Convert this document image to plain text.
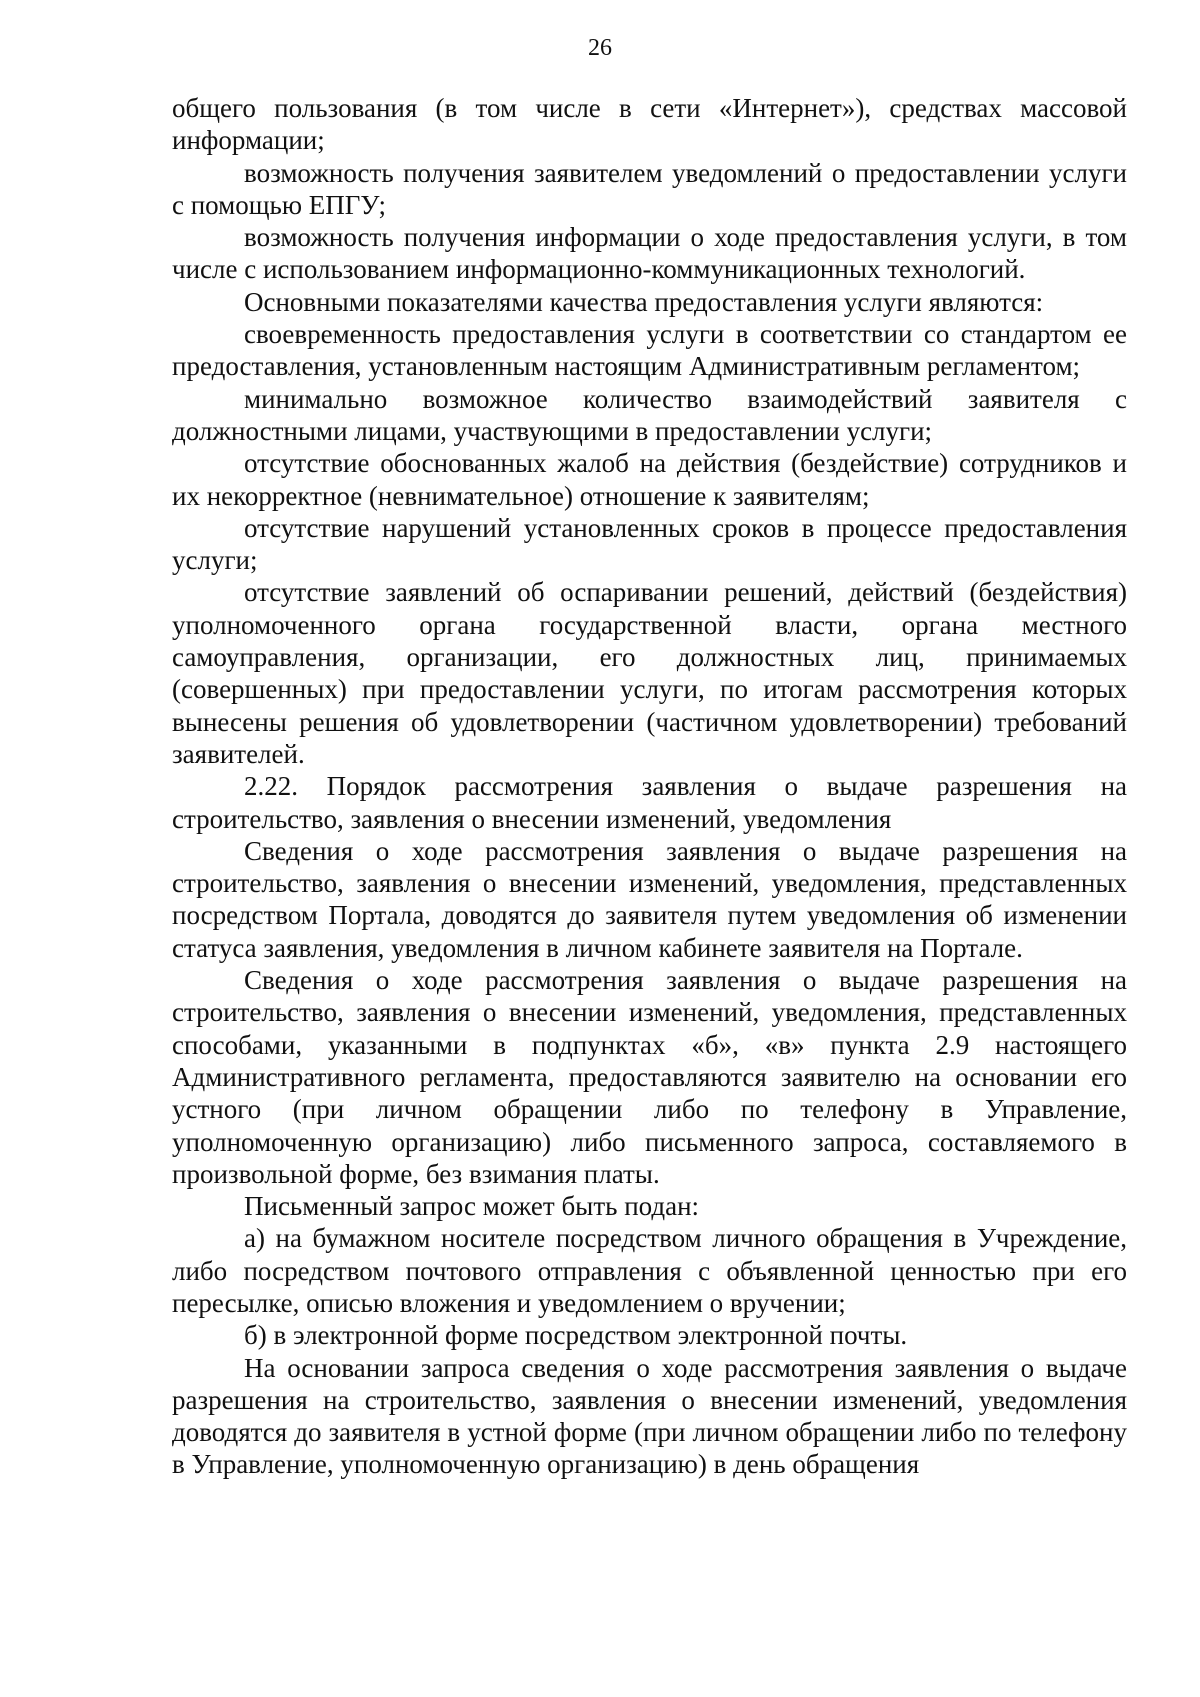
26

общего пользования (в том числе в сети «Интернет»), средствах массовой информации;

возможность получения заявителем уведомлений о предоставлении услуги с помощью ЕПГУ;

возможность получения информации о ходе предоставления услуги, в том числе с использованием информационно-коммуникационных технологий.

Основными показателями качества предоставления услуги являются:

своевременность предоставления услуги в соответствии со стандартом ее предоставления, установленным настоящим Административным регламентом;

минимально возможное количество взаимодействий заявителя с должностными лицами, участвующими в предоставлении услуги;

отсутствие обоснованных жалоб на действия (бездействие) сотрудников и их некорректное (невнимательное) отношение к заявителям;

отсутствие нарушений установленных сроков в процессе предоставления услуги;

отсутствие заявлений об оспаривании решений, действий (бездействия) уполномоченного органа государственной власти, органа местного самоуправления, организации, его должностных лиц, принимаемых (совершенных) при предоставлении услуги, по итогам рассмотрения которых вынесены решения об удовлетворении (частичном удовлетворении) требований заявителей.

2.22. Порядок рассмотрения заявления о выдаче разрешения на строительство, заявления о внесении изменений, уведомления

Сведения о ходе рассмотрения заявления о выдаче разрешения на строительство, заявления о внесении изменений, уведомления, представленных посредством Портала, доводятся до заявителя путем уведомления об изменении статуса заявления, уведомления в личном кабинете заявителя на Портале.

Сведения о ходе рассмотрения заявления о выдаче разрешения на строительство, заявления о внесении изменений, уведомления, представленных способами, указанными в подпунктах «б», «в» пункта 2.9 настоящего Административного регламента, предоставляются заявителю на основании его устного (при личном обращении либо по телефону в Управление, уполномоченную организацию) либо письменного запроса, составляемого в произвольной форме, без взимания платы.

Письменный запрос может быть подан:

а) на бумажном носителе посредством личного обращения в Учреждение, либо посредством почтового отправления с объявленной ценностью при его пересылке, описью вложения и уведомлением о вручении;

б) в электронной форме посредством электронной почты.

На основании запроса сведения о ходе рассмотрения заявления о выдаче разрешения на строительство, заявления о внесении изменений, уведомления доводятся до заявителя в устной форме (при личном обращении либо по телефону в Управление, уполномоченную организацию) в день обращения
